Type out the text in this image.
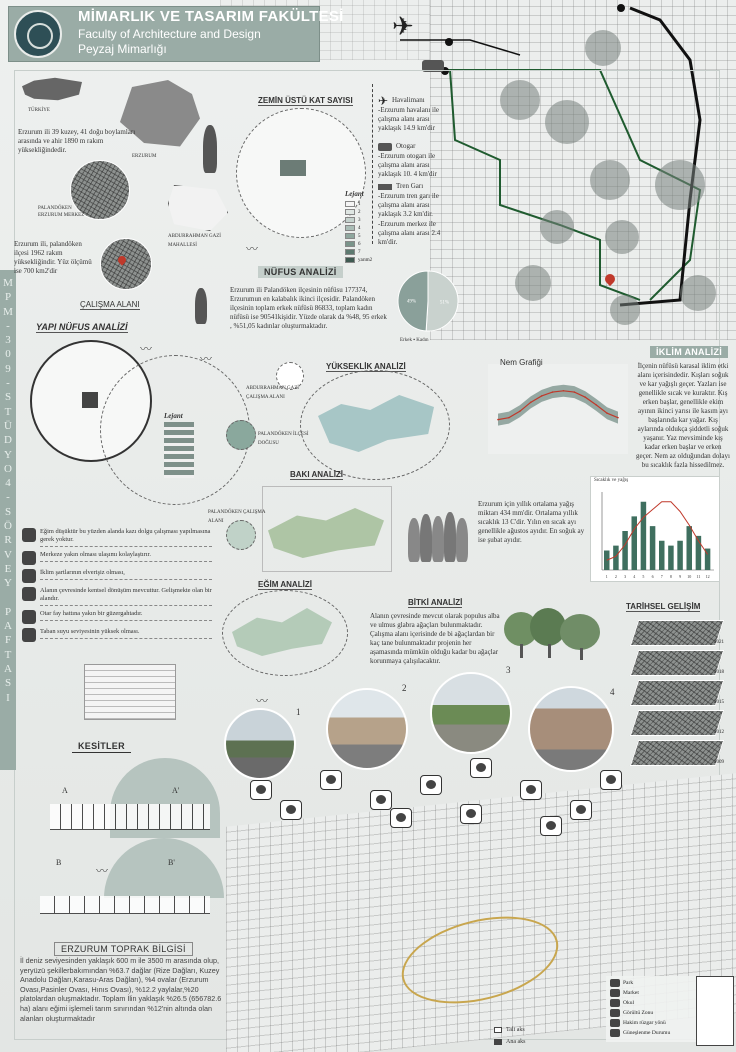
✈
MİMARLIK VE TASARIM FAKÜLTESİ
Faculty of Architecture and Design
Peyzaj Mimarlığı
M
P
M
-
3
0
9
-
S
T
Ü
D
Y
O
4
-
S
Ö
R
V
E
Y

P
A
F
T
A
S
I
TÜRKİYE
ERZURUM
Erzurum ili 39 kuzey, 41 doğu boylamları arasında ve ahir 1890 m rakım yüksekliğindedir.
PALANDÖKEN
ERZURUM MERKEZ
ABDURRAHMAN GAZİ MAHALLESİ
Erzurum ili, palandöken ilçesi 1962 rakım yüksekliğindir. Yüz ölçümü ise 700 km2'dir
ÇALIŞMA ALANI
ZEMİN ÜSTÜ KAT SAYISI
Lejant
1
2
3
4
5
6
7
yarım2
✈ Havalimanı
-Erzurum havalanı ile çalışma alanı arası yaklaşık 14.9 km'dir
Otogar
-Erzurum otogarı ile çalışma alanı arası yaklaşık 10. 4 km'dir
Tren Garı
-Erzurum tren garı ile çalışma alanı arası yaklaşık 3.2 km'dir.
-Erzurum merkez ile çalışma alanı arası 2.4 km'dir.
NÜFUS ANALİZİ
Erzurum ili Palandöken ilçesinin nüfüsu 177374, Erzurumun en kalabalık ikinci ilçesidir. Palandöken ilçesinin toplam erkek nüfüsü 86833, toplam kadın nüfüsü ise 90541kişidir. Yüzde olarak da %48, 95 erkek , %51,05 kadınlar oluşturmaktadır.
51%
49%
Erkek ▪ Kadın
YAPI NÜFUS ANALİZİ
Lejant
YÜKSEKLİK ANALİZİ
ABDURRAHMAN GAZİ ÇALIŞMA ALANI
PALANDÖKEN İLÇESİ DOĞUSU
BAKI ANALİZİ
PALANDÖKEN ÇALIŞMA ALANI
EĞİM ANALİZİ
Eğim düşüktür bu yüzden alanda kazı dolgu çalışması yapılmasına gerek yoktur.
Merkeze yakın olması ulaşımı kolaylaştırır.
İklim şartlarının elverişiz olması,
Alanın çevresinde kentsel dönüşüm mevcuttur. Gelişmekte olan bir alandır.
Otar fay hattına yakın bir güzergahtadır.
Taban suyu seviyesinin yüksek olması.
Nem Grafiği
İKLİM ANALİZİ
İlçenin nüfüsü karasal iklim etki alanı içerisindedir. Kışları soğuk ve kar yağışlı geçer. Yazları ise genellikle sıcak ve kuraktır. Kış erken başlar, genellikle ekim ayının ikinci yarısı ile kasım ayı başlarında kar yağar. Kış aylarında oldukça şiddetli soğuk yaşanır. Yaz mevsiminde kış kadar erken başlar ve erken geçer. Nem az olduğundan dolayı bu sıcaklık fazla hissedilmez.
Sıcaklık ve yağış
1 2 3 4 5 6 7 8 9 10 11 12
Erzurum için yıllık ortalama yağış miktarı 434 mm'dir. Ortalama yıllık sıcaklık 13 C'dir. Yılın en sıcak ayı genellikle ağustos ayıdır. En soğuk ay ise şubat ayıdır.
BİTKİ ANALİZİ
Alanın çevresinde mevcut olarak populus alba ve ulmus glabra ağaçları bulunmaktadır. Çalışma alanı içerisinde de bi ağaçlardan bir kaç tane bulunmaktadır projenin her aşamasında mümkün olduğu kadar bu ağaçlar korunmaya çalışılacaktır.
TARİHSEL GELİŞİM
2021
2018
2015
2012
2009
1
2
3
4
KESİTLER
A	A'
B	B'
ERZURUM TOPRAK BİLGİSİ
İl deniz seviyesinden yaklaşık 600 m ile 3500 m arasında olup, yeryüzü şekillerbakımından %63.7 dağlar (Rize Dağları, Kuzey Anadolu Dağları,Karasu-Aras Dağları), %4 ovalar (Erzurum Ovası,Pasinler Ovası, Hınıs Ovası), %12.2 yaylalar,%20 platolardan oluşmaktadır. Toplam İlin yaklaşık %26.5 (656782.6 ha) alanı eğimi işlemeli tarım sınırından %12'nin altında olan alanları oluşturmaktadır
Park
Market
Okul
Görültü Zonu
Hakim rüzgar yönü
Güneşlenme Durumu
Tali aks
Ana aks
〰
〰
〰
〰
〰
